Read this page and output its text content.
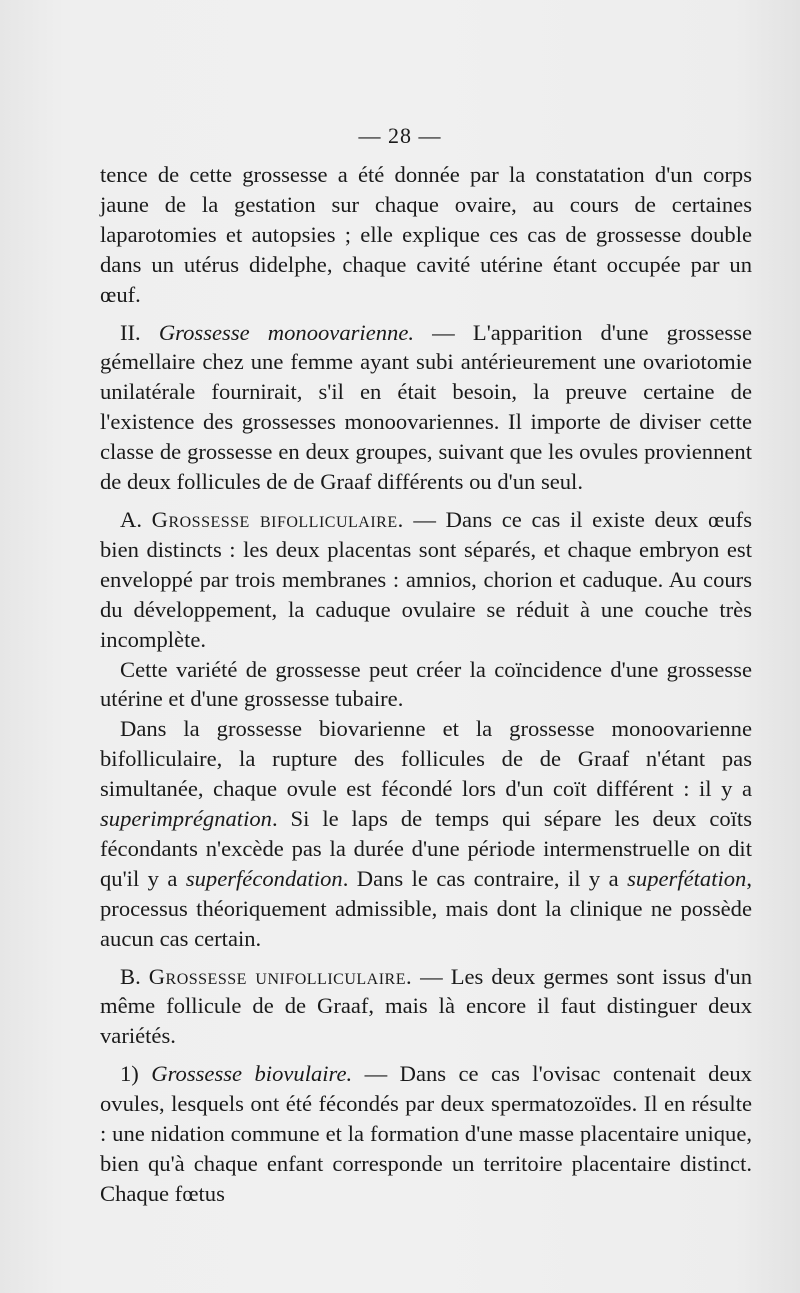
— 28 —

tence de cette grossesse a été donnée par la constatation d'un corps jaune de la gestation sur chaque ovaire, au cours de certaines laparotomies et autopsies ; elle explique ces cas de grossesse double dans un utérus didelphe, chaque cavité utérine étant occupée par un œuf.

II. Grossesse monoovarienne. — L'apparition d'une grossesse gémellaire chez une femme ayant subi antérieurement une ovariotomie unilatérale fournirait, s'il en était besoin, la preuve certaine de l'existence des grossesses monoovariennes. Il importe de diviser cette classe de grossesse en deux groupes, suivant que les ovules proviennent de deux follicules de de Graaf différents ou d'un seul.

A. Grossesse bifolliculaire. — Dans ce cas il existe deux œufs bien distincts : les deux placentas sont séparés, et chaque embryon est enveloppé par trois membranes : amnios, chorion et caduque. Au cours du développement, la caduque ovulaire se réduit à une couche très incomplète.

Cette variété de grossesse peut créer la coïncidence d'une grossesse utérine et d'une grossesse tubaire.

Dans la grossesse biovarienne et la grossesse monoovarienne bifolliculaire, la rupture des follicules de de Graaf n'étant pas simultanée, chaque ovule est fécondé lors d'un coït différent : il y a superimprégnation. Si le laps de temps qui sépare les deux coïts fécondants n'excède pas la durée d'une période intermenstruelle on dit qu'il y a superfécondation. Dans le cas contraire, il y a superfétation, processus théoriquement admissible, mais dont la clinique ne possède aucun cas certain.

B. Grossesse unifolliculaire. — Les deux germes sont issus d'un même follicule de de Graaf, mais là encore il faut distinguer deux variétés.

1) Grossesse biovulaire. — Dans ce cas l'ovisac contenait deux ovules, lesquels ont été fécondés par deux spermatozoïdes. Il en résulte : une nidation commune et la formation d'une masse placentaire unique, bien qu'à chaque enfant corresponde un territoire placentaire distinct. Chaque fœtus
